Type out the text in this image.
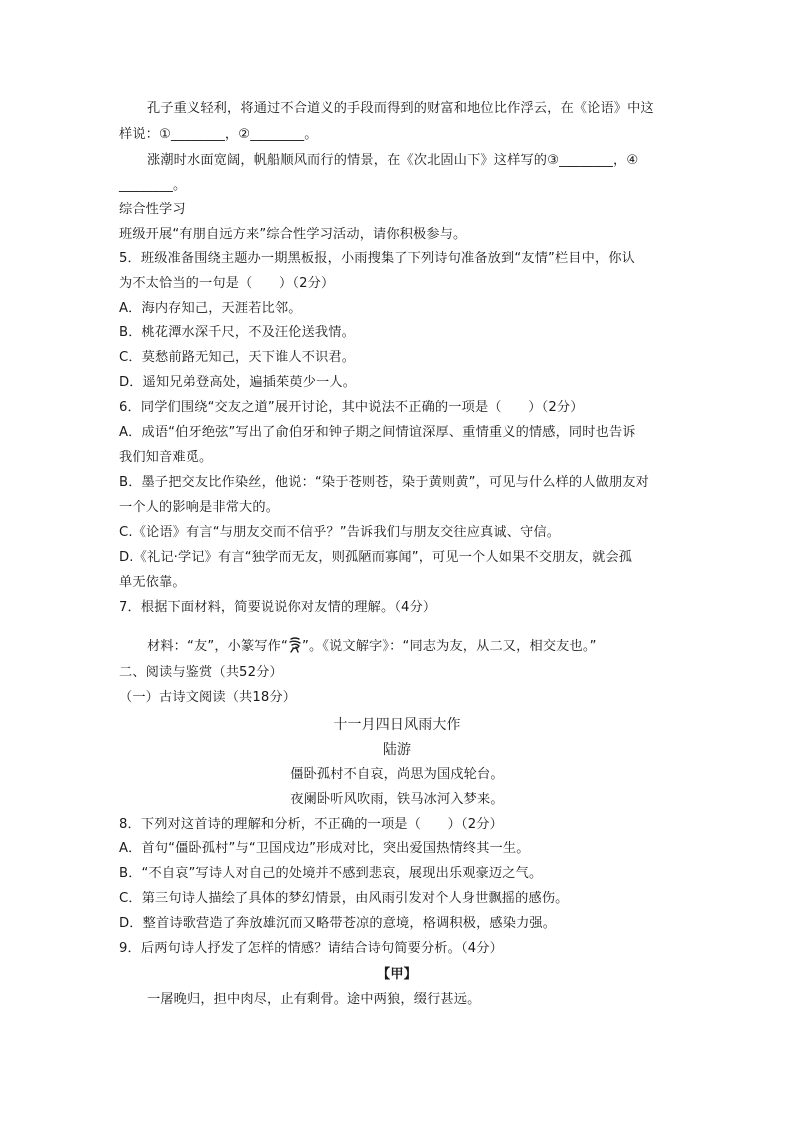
孔子重义轻利，将通过不合道义的手段而得到的财富和地位比作浮云，在《论语》中这
样说：①________，②________。
涨潮时水面宽阔，帆船顺风而行的情景，在《次北固山下》这样写的③________，④
________。
综合性学习
班级开展“有朋自远方来”综合性学习活动，请你积极参与。
5．班级准备围绕主题办一期黑板报，小雨搜集了下列诗句准备放到“友情”栏目中，你认
为不太恰当的一句是（　　）（2分）
A．海内存知己，天涯若比邻。
B．桃花潭水深千尺，不及汪伦送我情。
C．莫愁前路无知己，天下谁人不识君。
D．遥知兄弟登高处，遍插茱萸少一人。
6．同学们围绕“交友之道”展开讨论，其中说法不正确的一项是（　　）（2分）
A．成语“伯牙绝弦”写出了俞伯牙和钟子期之间情谊深厚、重情重义的情感，同时也告诉
我们知音难觅。
B．墨子把交友比作染丝，他说：“染于苍则苍，染于黄则黄”，可见与什么样的人做朋友对
一个人的影响是非常大的。
C.《论语》有言“与朋友交而不信乎？”告诉我们与朋友交往应真诚、守信。
D.《礼记·学记》有言“独学而无友，则孤陋而寡闻”，可见一个人如果不交朋友，就会孤
单无依靠。
7．根据下面材料，简要说说你对友情的理解。（4分）
材料：“友”，小篆写作“ ”。《说文解字》：“同志为友，从二又，相交友也。”
二、阅读与鉴赏（共52分）
（一）古诗文阅读（共18分）
十一月四日风雨大作
陆游
僵卧孤村不自哀，尚思为国戍轮台。
夜阑卧听风吹雨，铁马冰河入梦来。
8．下列对这首诗的理解和分析，不正确的一项是（　　）（2分）
A．首句“僵卧孤村”与“卫国戍边”形成对比，突出爱国热情终其一生。
B．“不自哀”写诗人对自己的处境并不感到悲哀，展现出乐观豪迈之气。
C．第三句诗人描绘了具体的梦幻情景，由风雨引发对个人身世飘摇的感伤。
D．整首诗歌营造了奔放雄沉而又略带苍凉的意境，格调积极，感染力强。
9．后两句诗人抒发了怎样的情感？请结合诗句简要分析。（4分）
【甲】
一屠晚归，担中肉尽，止有剩骨。途中两狼，缀行甚远。
